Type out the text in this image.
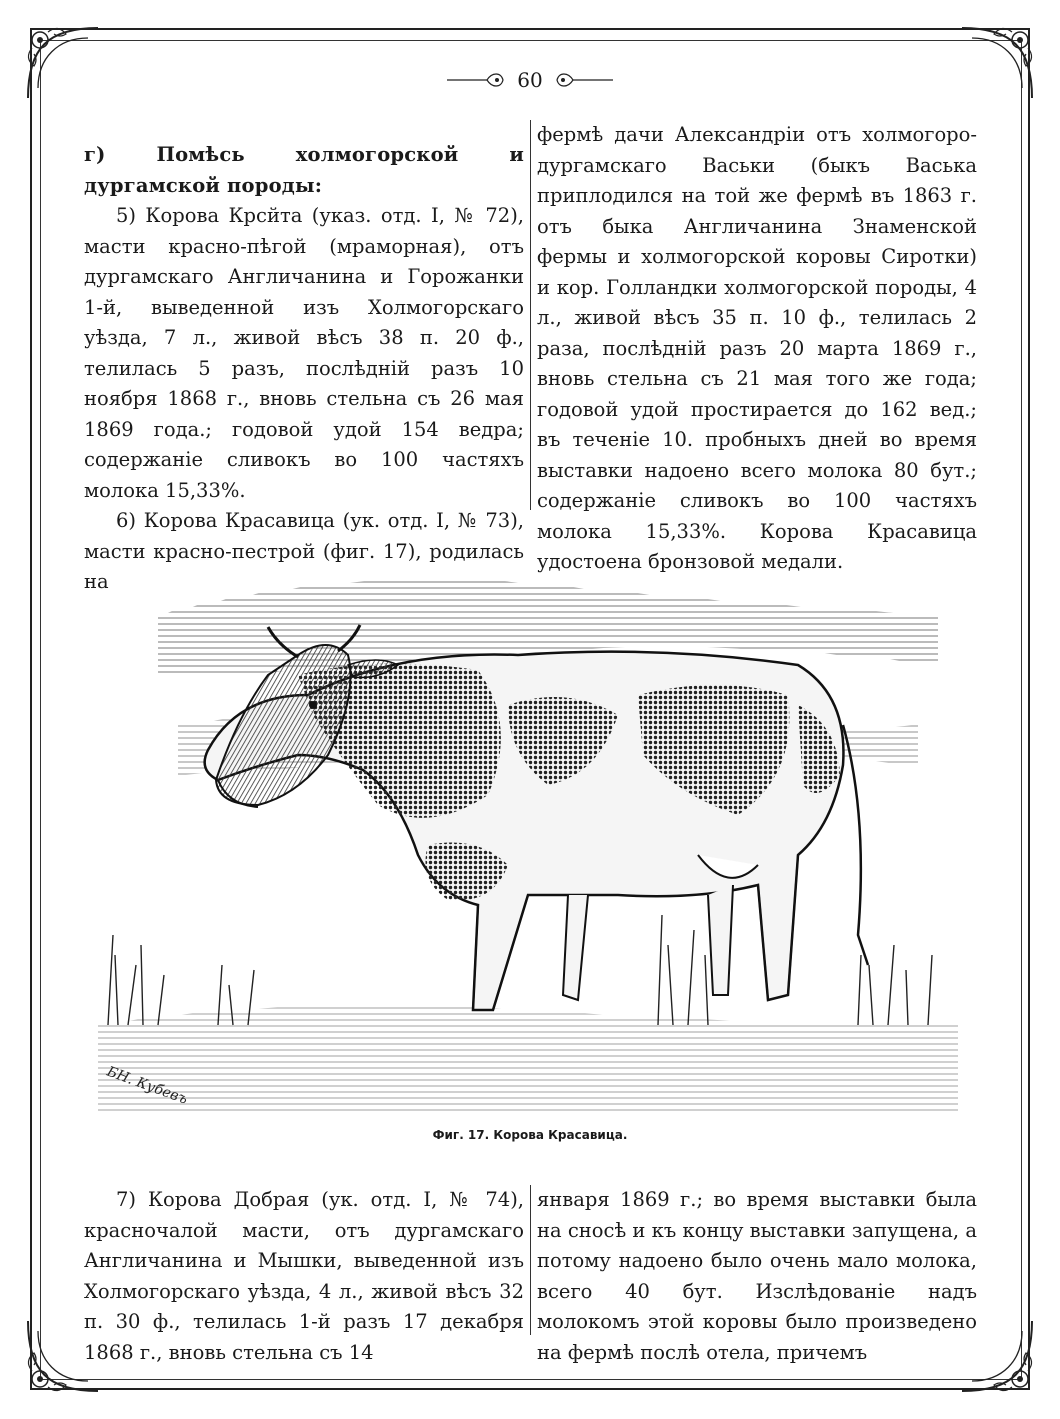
60

г) Помѣсь холмогорской и дургамской породы:

5) Корова Крсйта (указ. отд. I, № 72), масти красно-пѣгой (мраморная), отъ дургамскаго Англичанина и Горожанки 1-й, выведенной изъ Холмогорскаго уѣзда, 7 л., живой вѣсъ 38 п. 20 ф., телилась 5 разъ, послѣдній разъ 10 ноября 1868 г., вновь стельна съ 26 мая 1869 года.; годовой удой 154 ведра; содержаніе сливокъ во 100 частяхъ молока 15,33%.

6) Корова Красавица (ук. отд. I, № 73), масти красно-пестрой (фиг. 17), родилась на

фермѣ дачи Александріи отъ холмогоро-дургамскаго Васьки (быкъ Васька приплодился на той же фермѣ въ 1863 г. отъ быка Англичанина Знаменской фермы и холмогорской коровы Сиротки) и кор. Голландки холмогорской породы, 4 л., живой вѣсъ 35 п. 10 ф., телилась 2 раза, послѣдній разъ 20 марта 1869 г., вновь стельна съ 21 мая того же года; годовой удой простирается до 162 вед.; въ теченіе 10. пробныхъ дней во время выставки надоено всего молока 80 бут.; содержаніе сливокъ во 100 частяхъ молока 15,33%. Корова Красавица удостоена бронзовой медали.

БН. Кубевъ
Фиг. 17. Корова Красавица.

7) Корова Добрая (ук. отд. I, № 74), красночалой масти, отъ дургамскаго Англичанина и Мышки, выведенной изъ Холмогорскаго уѣзда, 4 л., живой вѣсъ 32 п. 30 ф., телилась 1-й разъ 17 декабря 1868 г., вновь стельна съ 14

января 1869 г.; во время выставки была на сносѣ и къ концу выставки запущена, а потому надоено было очень мало молока, всего 40 бут. Изслѣдованіе надъ молокомъ этой коровы было произведено на фермѣ послѣ отела, причемъ
